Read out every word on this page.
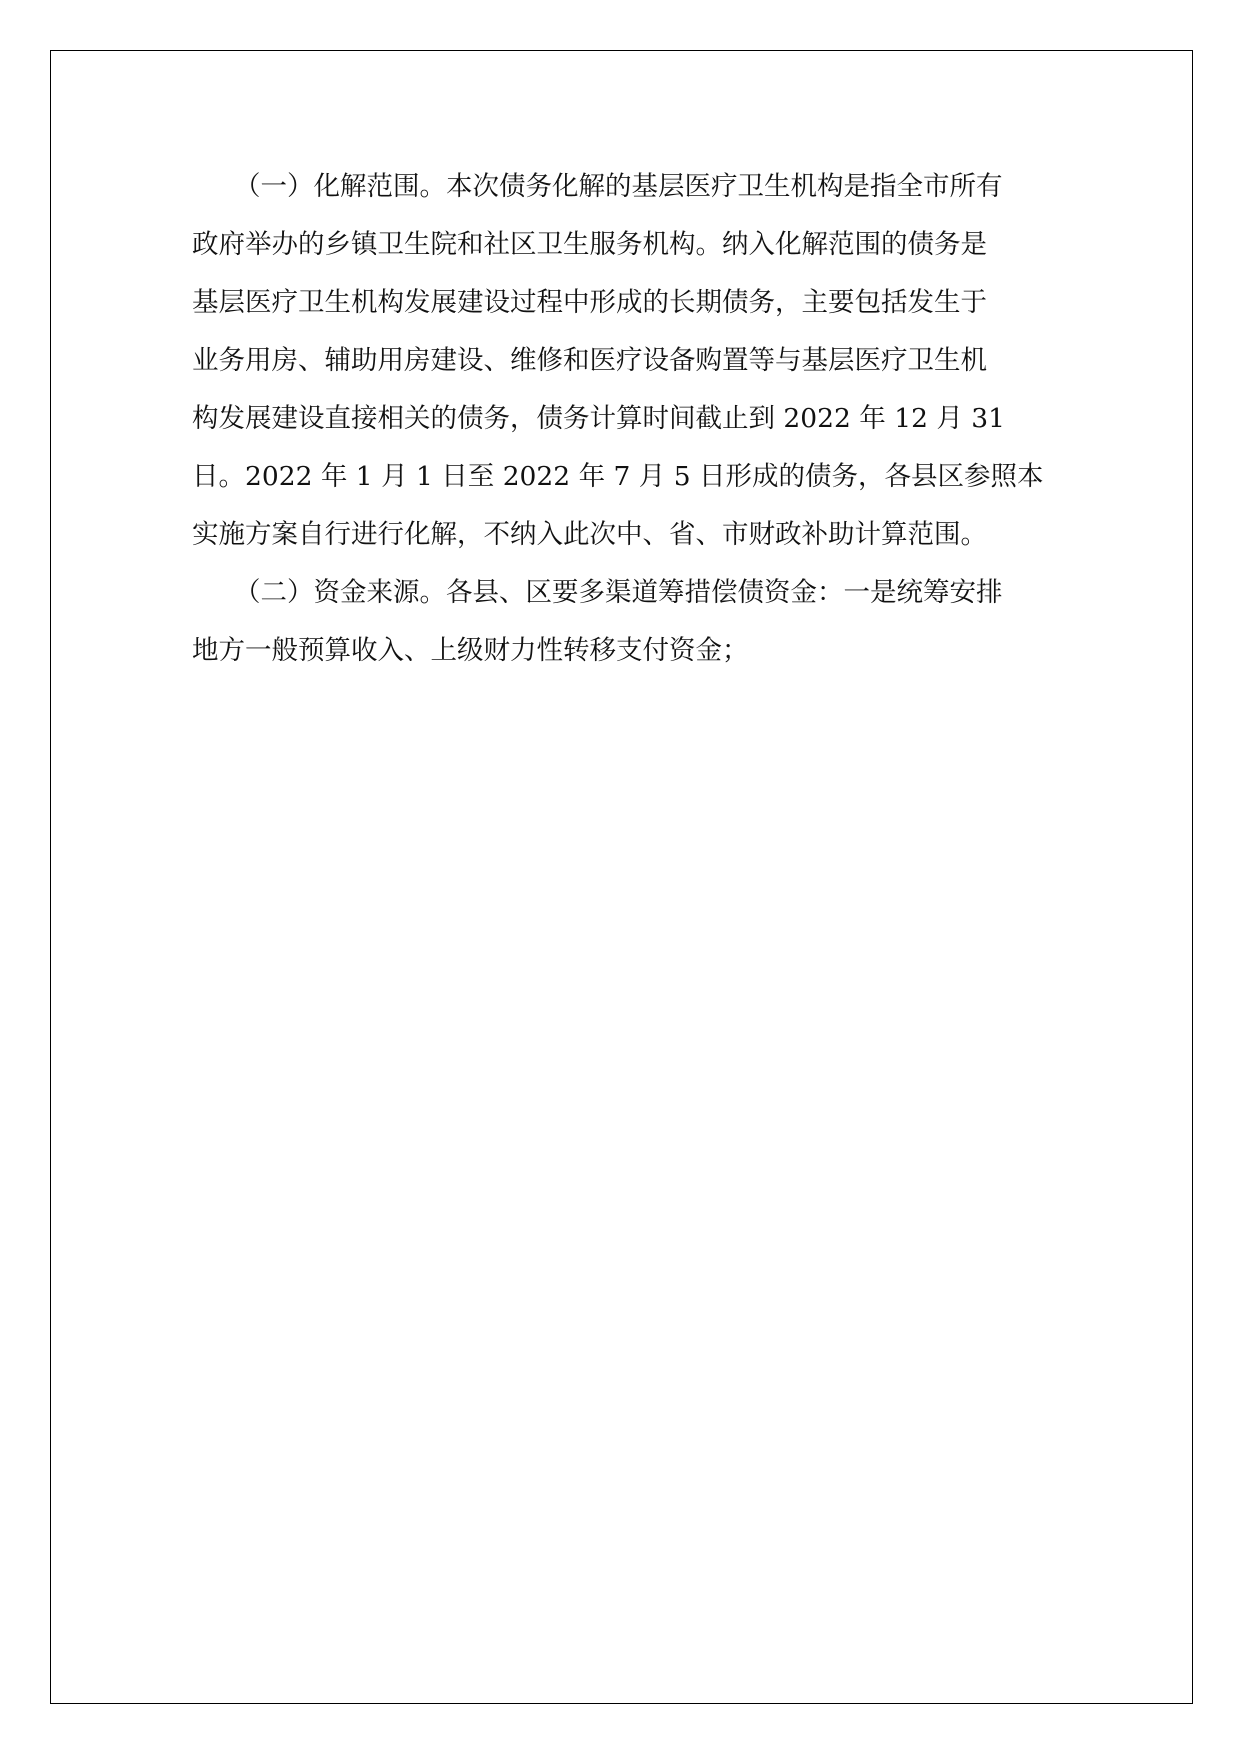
（一）化解范围。本次债务化解的基层医疗卫生机构是指全市所有
政府举办的乡镇卫生院和社区卫生服务机构。纳入化解范围的债务是
基层医疗卫生机构发展建设过程中形成的长期债务，主要包括发生于
业务用房、辅助用房建设、维修和医疗设备购置等与基层医疗卫生机
构发展建设直接相关的债务，债务计算时间截止到 2022 年 12 月 31
日。2022 年 1 月 1 日至 2022 年 7 月 5 日形成的债务，各县区参照本
实施方案自行进行化解，不纳入此次中、省、市财政补助计算范围。
（二）资金来源。各县、区要多渠道筹措偿债资金：一是统筹安排
地方一般预算收入、上级财力性转移支付资金；
